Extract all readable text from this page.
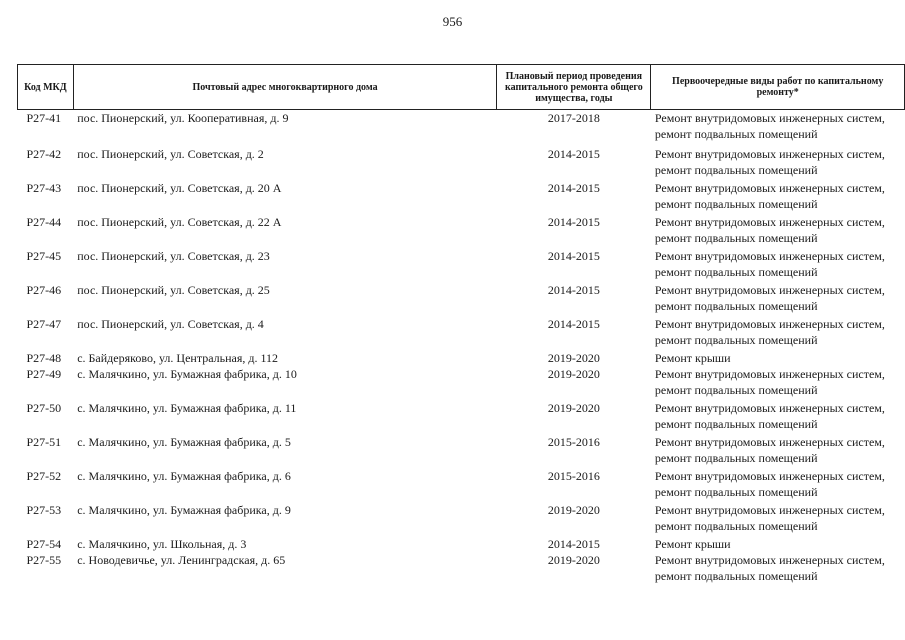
956
Код МКД	Почтовый адрес многоквартирного дома	Плановый период проведения капитального ремонта общего имущества, годы	Первоочередные виды работ по капитальному ремонту*
Р27-41	пос. Пионерский, ул. Кооперативная, д. 9	2017-2018	Ремонт внутридомовых инженерных систем,
ремонт подвальных помещений

Р27-42	пос. Пионерский, ул. Советская, д. 2	2014-2015	Ремонт внутридомовых инженерных систем,
ремонт подвальных помещений

Р27-43	пос. Пионерский, ул. Советская, д. 20 А	2014-2015	Ремонт внутридомовых инженерных систем,
ремонт подвальных помещений

Р27-44	пос. Пионерский, ул. Советская, д. 22 А	2014-2015	Ремонт внутридомовых инженерных систем,
ремонт подвальных помещений

Р27-45	пос. Пионерский, ул. Советская, д. 23	2014-2015	Ремонт внутридомовых инженерных систем,
ремонт подвальных помещений

Р27-46	пос. Пионерский, ул. Советская, д. 25	2014-2015	Ремонт внутридомовых инженерных систем,
ремонт подвальных помещений

Р27-47	пос. Пионерский, ул. Советская, д. 4	2014-2015	Ремонт внутридомовых инженерных систем,
ремонт подвальных помещений

Р27-48	с. Байдеряково, ул. Центральная, д. 112	2019-2020	Ремонт крыши

Р27-49	с. Малячкино, ул. Бумажная фабрика, д. 10	2019-2020	Ремонт внутридомовых инженерных систем,
ремонт подвальных помещений

Р27-50	с. Малячкино, ул. Бумажная фабрика, д. 11	2019-2020	Ремонт внутридомовых инженерных систем,
ремонт подвальных помещений

Р27-51	с. Малячкино, ул. Бумажная фабрика, д. 5	2015-2016	Ремонт внутридомовых инженерных систем,
ремонт подвальных помещений

Р27-52	с. Малячкино, ул. Бумажная фабрика, д. 6	2015-2016	Ремонт внутридомовых инженерных систем,
ремонт подвальных помещений

Р27-53	с. Малячкино, ул. Бумажная фабрика, д. 9	2019-2020	Ремонт внутридомовых инженерных систем,
ремонт подвальных помещений

Р27-54	с. Малячкино, ул. Школьная, д. 3	2014-2015	Ремонт крыши

Р27-55	с. Новодевичье, ул. Ленинградская, д. 65	2019-2020	Ремонт внутридомовых инженерных систем,
ремонт подвальных помещений
